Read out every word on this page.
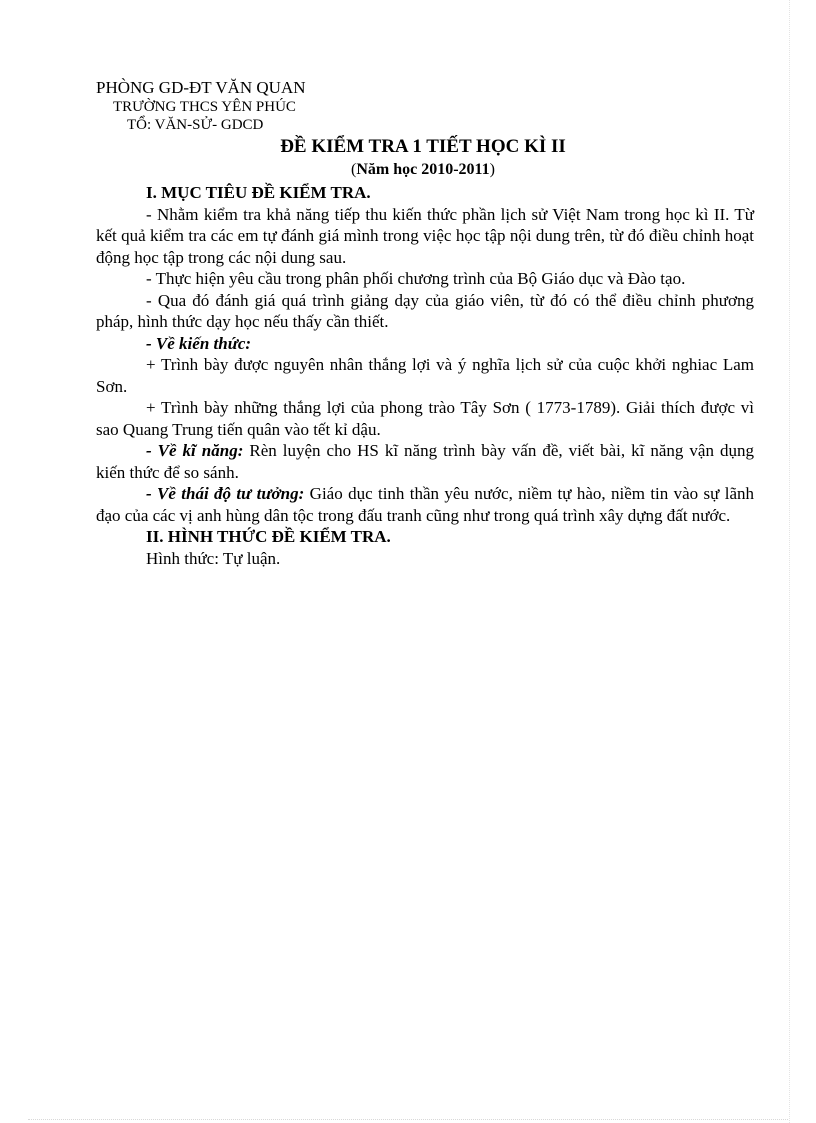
PHÒNG GD-ĐT VĂN QUAN
TRƯỜNG THCS YÊN PHÚC
TỔ: VĂN-SỬ- GDCD
ĐỀ KIỂM TRA 1 TIẾT HỌC KÌ II
(Năm học 2010-2011)

I. MỤC TIÊU ĐỀ KIỂM TRA.

- Nhằm kiểm tra khả năng tiếp thu kiến thức phần lịch sử Việt Nam trong học kì II. Từ kết quả kiểm tra các em tự đánh giá mình trong việc học tập nội dung trên, từ đó điều chỉnh hoạt động học tập trong các nội dung sau.

- Thực hiện yêu cầu trong phân phối chương trình của Bộ Giáo dục và Đào tạo.

- Qua đó đánh giá quá trình giảng dạy của giáo viên, từ đó có thể điều chỉnh phương pháp, hình thức dạy học nếu thấy cần thiết.

- Về kiến thức:

+ Trình bày được nguyên nhân thắng lợi và ý nghĩa lịch sử của cuộc khởi nghiac Lam Sơn.

+ Trình bày những thắng lợi của phong trào Tây Sơn ( 1773-1789). Giải thích được vì sao Quang Trung tiến quân vào tết kỉ dậu.

- Về kĩ năng: Rèn luyện cho HS kĩ năng trình bày vấn đề, viết bài, kĩ năng vận dụng kiến thức để so sánh.

- Về thái độ tư tưởng: Giáo dục tinh thần yêu nước, niềm tự hào, niềm tin vào sự lãnh đạo của các vị anh hùng dân tộc trong đấu tranh cũng như trong quá trình xây dựng đất nước.

II. HÌNH THỨC ĐỀ KIỂM TRA.

Hình thức: Tự luận.
